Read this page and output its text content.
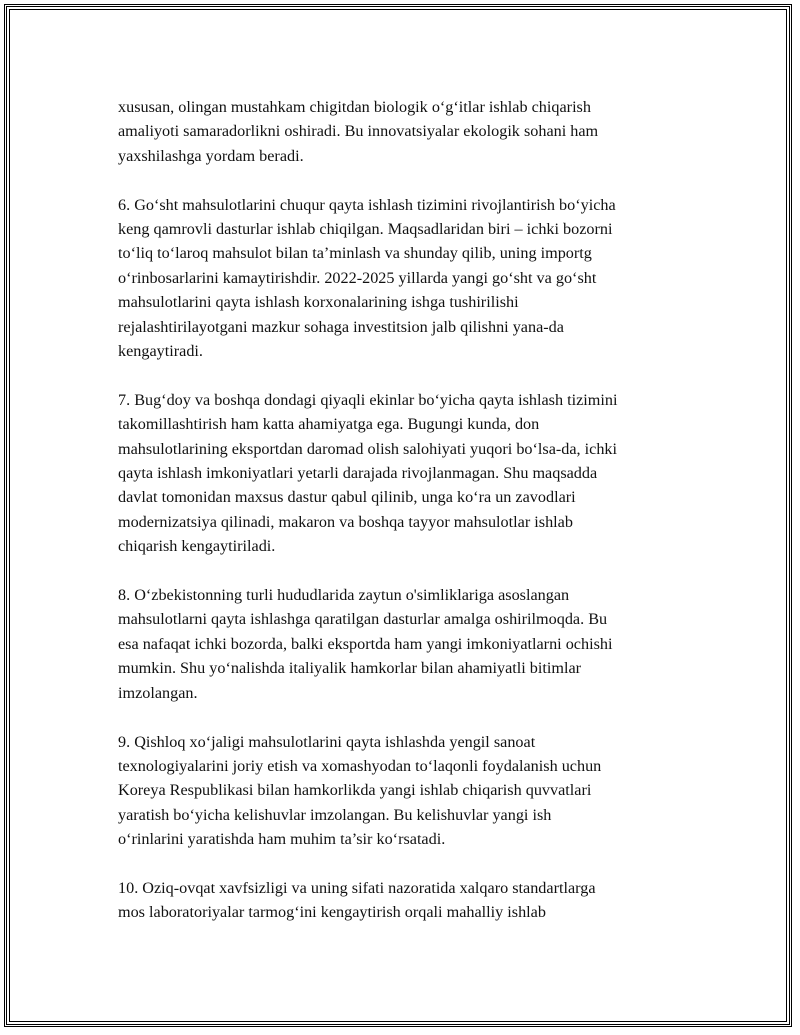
xususan, olingan mustahkam chigitdan biologik o‘g‘itlar ishlab chiqarish
amaliyoti samaradorlikni oshiradi. Bu innovatsiyalar ekologik sohani ham
yaxshilashga yordam beradi.

6. Go‘sht mahsulotlarini chuqur qayta ishlash tizimini rivojlantirish bo‘yicha
keng qamrovli dasturlar ishlab chiqilgan. Maqsadlaridan biri – ichki bozorni
to‘liq to‘laroq mahsulot bilan ta’minlash va shunday qilib, uning importg
o‘rinbosarlarini kamaytirishdir. 2022-2025 yillarda yangi go‘sht va go‘sht
mahsulotlarini qayta ishlash korxonalarining ishga tushirilishi
rejalashtirilayotgani mazkur sohaga investitsion jalb qilishni yana-da
kengaytiradi.

7. Bug‘doy va boshqa dondagi qiyaqli ekinlar bo‘yicha qayta ishlash tizimini
takomillashtirish ham katta ahamiyatga ega. Bugungi kunda, don
mahsulotlarining eksportdan daromad olish salohiyati yuqori bo‘lsa-da, ichki
qayta ishlash imkoniyatlari yetarli darajada rivojlanmagan. Shu maqsadda
davlat tomonidan maxsus dastur qabul qilinib, unga ko‘ra un zavodlari
modernizatsiya qilinadi, makaron va boshqa tayyor mahsulotlar ishlab
chiqarish kengaytiriladi.

8. O‘zbekistonning turli hududlarida zaytun o'simliklariga asoslangan
mahsulotlarni qayta ishlashga qaratilgan dasturlar amalga oshirilmoqda. Bu
esa nafaqat ichki bozorda, balki eksportda ham yangi imkoniyatlarni ochishi
mumkin. Shu yo‘nalishda italiyalik hamkorlar bilan ahamiyatli bitimlar
imzolangan.

9. Qishloq xo‘jaligi mahsulotlarini qayta ishlashda yengil sanoat
texnologiyalarini joriy etish va xomashyodan to‘laqonli foydalanish uchun
Koreya Respublikasi bilan hamkorlikda yangi ishlab chiqarish quvvatlari
yaratish bo‘yicha kelishuvlar imzolangan. Bu kelishuvlar yangi ish
o‘rinlarini yaratishda ham muhim ta’sir ko‘rsatadi.

10. Oziq-ovqat xavfsizligi va uning sifati nazoratida xalqaro standartlarga
mos laboratoriyalar tarmog‘ini kengaytirish orqali mahalliy ishlab
